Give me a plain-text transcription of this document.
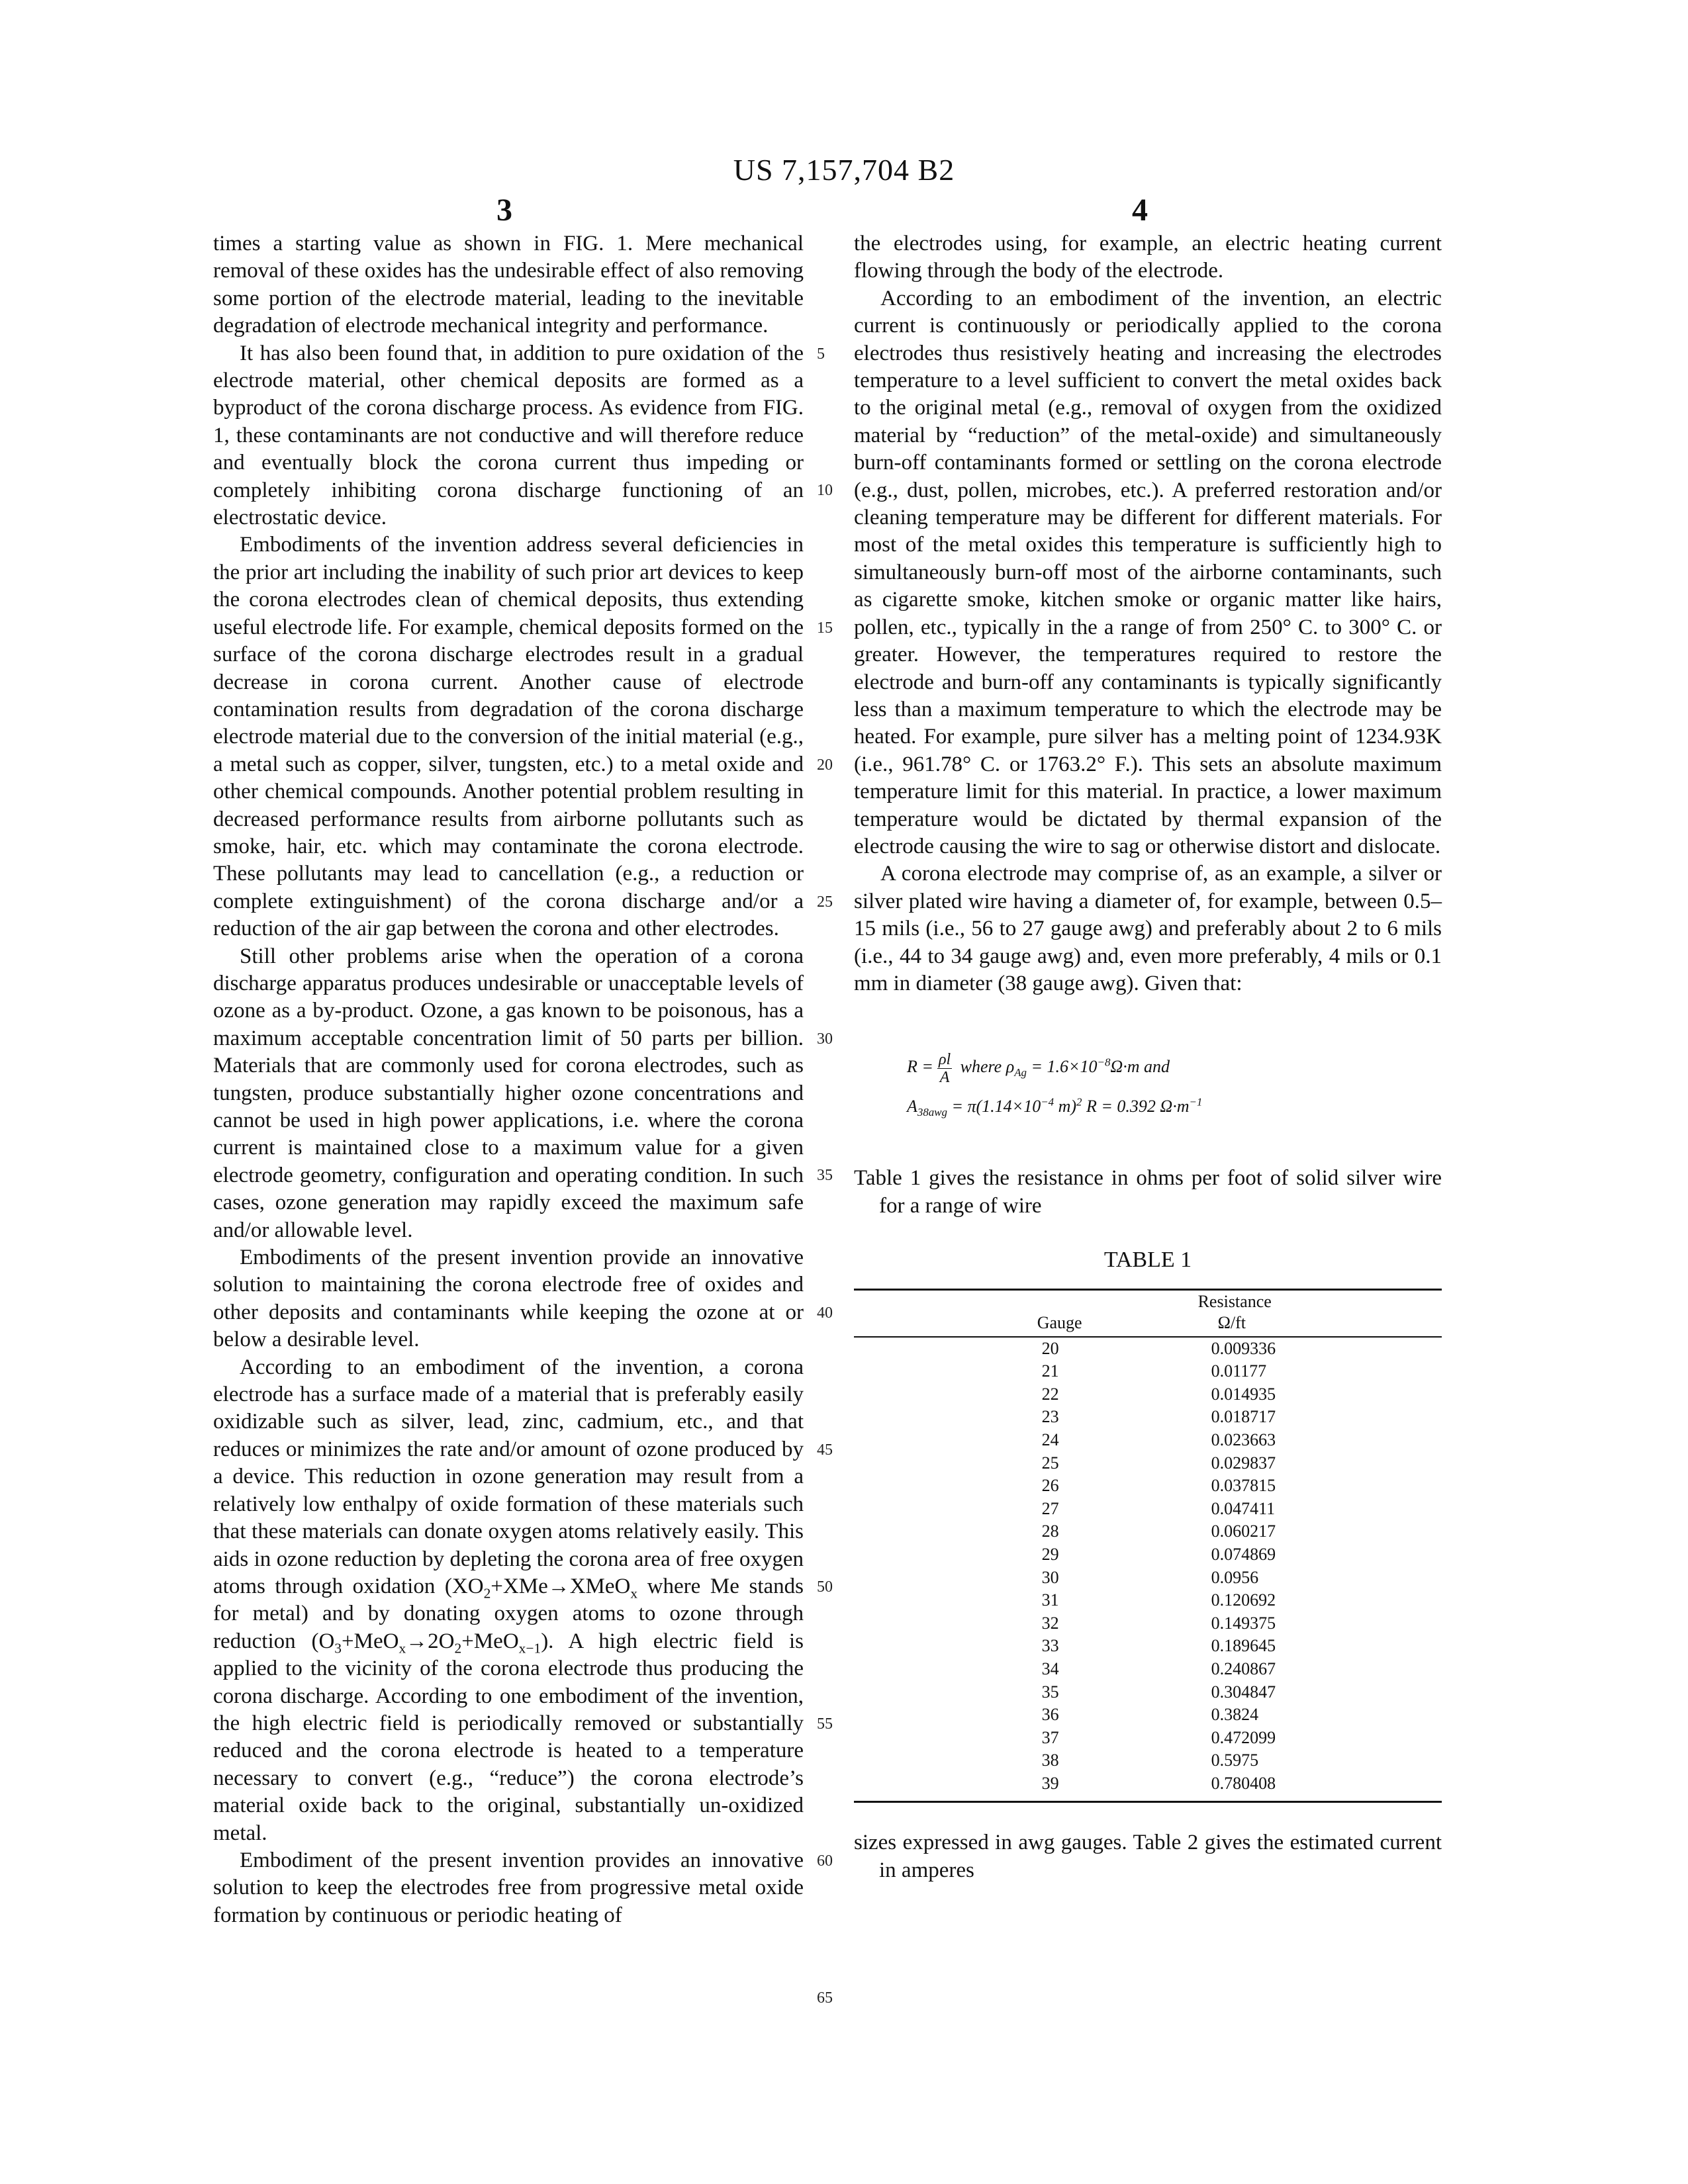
US 7,157,704 B2
3	4

times a starting value as shown in FIG. 1. Mere mechanical removal of these oxides has the undesirable effect of also removing some portion of the electrode material, leading to the inevitable degradation of electrode mechanical integrity and performance.

It has also been found that, in addition to pure oxidation of the electrode material, other chemical deposits are formed as a byproduct of the corona discharge process. As evidence from FIG. 1, these contaminants are not conductive and will therefore reduce and eventually block the corona current thus impeding or completely inhibiting corona discharge functioning of an electrostatic device.

Embodiments of the invention address several deficiencies in the prior art including the inability of such prior art devices to keep the corona electrodes clean of chemical deposits, thus extending useful electrode life. For example, chemical deposits formed on the surface of the corona discharge electrodes result in a gradual decrease in corona current. Another cause of electrode contamination results from degradation of the corona discharge electrode material due to the conversion of the initial material (e.g., a metal such as copper, silver, tungsten, etc.) to a metal oxide and other chemical compounds. Another potential problem resulting in decreased performance results from airborne pollutants such as smoke, hair, etc. which may contaminate the corona electrode. These pollutants may lead to cancellation (e.g., a reduction or complete extinguishment) of the corona discharge and/or a reduction of the air gap between the corona and other electrodes.

Still other problems arise when the operation of a corona discharge apparatus produces undesirable or unacceptable levels of ozone as a by-product. Ozone, a gas known to be poisonous, has a maximum acceptable concentration limit of 50 parts per billion. Materials that are commonly used for corona electrodes, such as tungsten, produce substantially higher ozone concentrations and cannot be used in high power applications, i.e. where the corona current is maintained close to a maximum value for a given electrode geometry, configuration and operating condition. In such cases, ozone generation may rapidly exceed the maximum safe and/or allowable level.

Embodiments of the present invention provide an innovative solution to maintaining the corona electrode free of oxides and other deposits and contaminants while keeping the ozone at or below a desirable level.

According to an embodiment of the invention, a corona electrode has a surface made of a material that is preferably easily oxidizable such as silver, lead, zinc, cadmium, etc., and that reduces or minimizes the rate and/or amount of ozone produced by a device. This reduction in ozone generation may result from a relatively low enthalpy of oxide formation of these materials such that these materials can donate oxygen atoms relatively easily. This aids in ozone reduction by depleting the corona area of free oxygen atoms through oxidation ($XO_2+XMe\to XMeO_x$ where Me stands for metal) and by donating oxygen atoms to ozone through reduction $(O_3+MeO_x\to 2O_2+MeO_{x-1})$. A high electric field is applied to the vicinity of the corona electrode thus producing the corona discharge. According to one embodiment of the invention, the high electric field is periodically removed or substantially reduced and the corona electrode is heated to a temperature necessary to convert (e.g., “reduce”) the corona electrode’s material oxide back to the original, substantially un-oxidized metal.

Embodiment of the present invention provides an innovative solution to keep the electrodes free from progressive metal oxide formation by continuous or periodic heating of

5
10
15
20
25
30
35
40
45
50
55
60
65

the electrodes using, for example, an electric heating current flowing through the body of the electrode.

According to an embodiment of the invention, an electric current is continuously or periodically applied to the corona electrodes thus resistively heating and increasing the electrodes temperature to a level sufficient to convert the metal oxides back to the original metal (e.g., removal of oxygen from the oxidized material by “reduction” of the metal-oxide) and simultaneously burn-off contaminants formed or settling on the corona electrode (e.g., dust, pollen, microbes, etc.). A preferred restoration and/or cleaning temperature may be different for different materials. For most of the metal oxides this temperature is sufficiently high to simultaneously burn-off most of the airborne contaminants, such as cigarette smoke, kitchen smoke or organic matter like hairs, pollen, etc., typically in the a range of from 250° C. to 300° C. or greater. However, the temperatures required to restore the electrode and burn-off any contaminants is typically significantly less than a maximum temperature to which the electrode may be heated. For example, pure silver has a melting point of 1234.93K (i.e., 961.78° C. or 1763.2° F.). This sets an absolute maximum temperature limit for this material. In practice, a lower maximum temperature would be dictated by thermal expansion of the electrode causing the wire to sag or otherwise distort and dislocate.

A corona electrode may comprise of, as an example, a silver or silver plated wire having a diameter of, for example, between 0.5–15 mils (i.e., 56 to 27 gauge awg) and preferably about 2 to 6 mils (i.e., 44 to 34 gauge awg) and, even more preferably, 4 mils or 0.1 mm in diameter (38 gauge awg). Given that:

$R = \frac{\rho l}{A}$ where $\rho_{Ag} = 1.6\times 10^{-8}\Omega\cdot m$ and
$A_{38awg} = \pi(1.14\times 10^{-4}$ m)$^2$ R = 0.392 $\Omega\cdot m^{-1}$

Table 1 gives the resistance in ohms per foot of solid silver wire for a range of wire

TABLE 1
Gauge	Resistance
Ω/ft

20	0.009336
21	0.01177
22	0.014935
23	0.018717
24	0.023663
25	0.029837
26	0.037815
27	0.047411
28	0.060217
29	0.074869
30	0.0956
31	0.120692
32	0.149375
33	0.189645
34	0.240867
35	0.304847
36	0.3824
37	0.472099
38	0.5975
39	0.780408

sizes expressed in awg gauges. Table 2 gives the estimated current in amperes
